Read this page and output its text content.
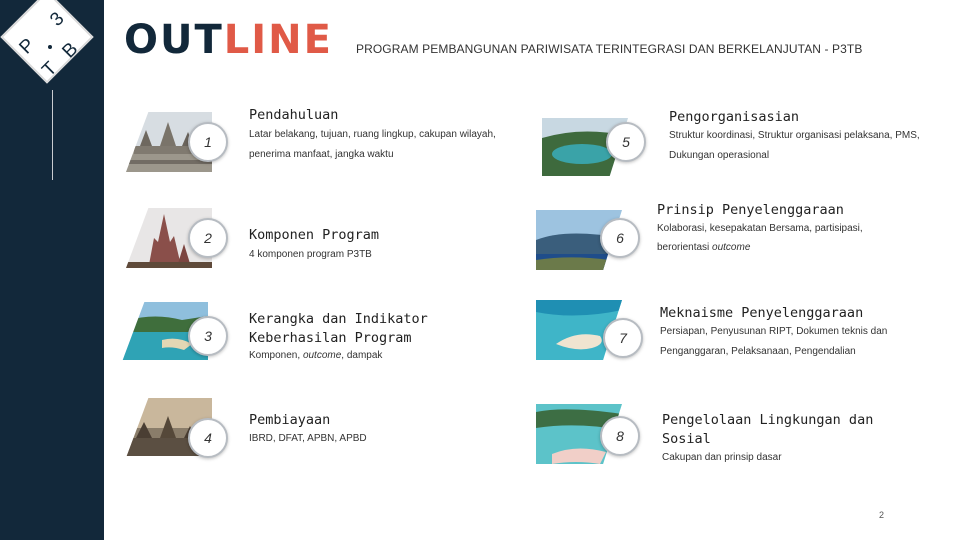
P
3
T
B OUTLINE PROGRAM PEMBANGUNAN PARIWISATA TERINTEGRASI DAN BERKELANJUTAN - P3TB
1
Pendahuluan
Latar belakang, tujuan, ruang lingkup, cakupan wilayah,
penerima manfaat, jangka waktu
2	Komponen Program
4 komponen program P3TB
3
Kerangka dan Indikator Keberhasilan Program
Komponen, outcome, dampak
4
Pembiayaan
IBRD, DFAT, APBN, APBD
5
Pengorganisasian
Struktur koordinasi, Struktur organisasi pelaksana, PMS,
Dukungan operasional
6
Prinsip Penyelenggaraan
Kolaborasi, kesepakatan Bersama, partisipasi,
berorientasi outcome
7
Meknaisme Penyelenggaraan
Persiapan, Penyusunan RIPT, Dokumen teknis dan
Penganggaran, Pelaksanaan, Pengendalian
8
Pengelolaan Lingkungan dan Sosial
Cakupan dan prinsip dasar
2
